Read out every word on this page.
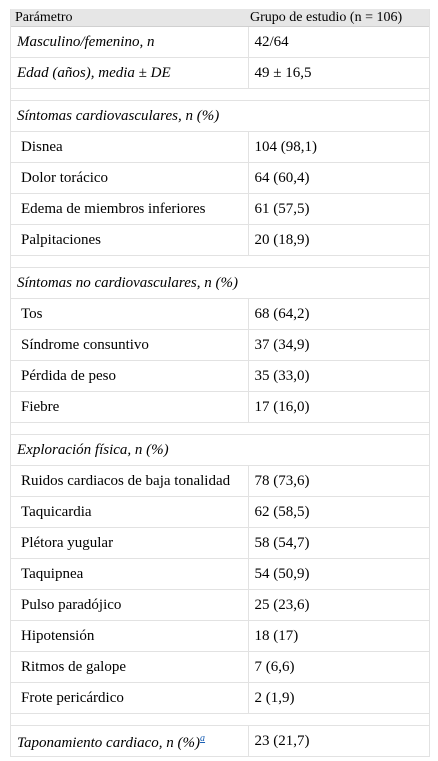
Parámetro	Grupo de estudio (n = 106)
Masculino/femenino, n	42/64
Edad (años), media ± DE	49 ± 16,5

Síntomas cardiovasculares, n (%)	
Disnea	104 (98,1)
Dolor torácico	64 (60,4)
Edema de miembros inferiores	61 (57,5)
Palpitaciones	20 (18,9)

Síntomas no cardiovasculares, n (%)	
Tos	68 (64,2)
Síndrome consuntivo	37 (34,9)
Pérdida de peso	35 (33,0)
Fiebre	17 (16,0)

Exploración física, n (%)	
Ruidos cardiacos de baja tonalidad	78 (73,6)
Taquicardia	62 (58,5)
Plétora yugular	58 (54,7)
Taquipnea	54 (50,9)
Pulso paradójico	25 (23,6)
Hipotensión	18 (17)
Ritmos de galope	7 (6,6)
Frote pericárdico	2 (1,9)

Taponamiento cardiaco, n (%)$^a$	23 (21,7)
